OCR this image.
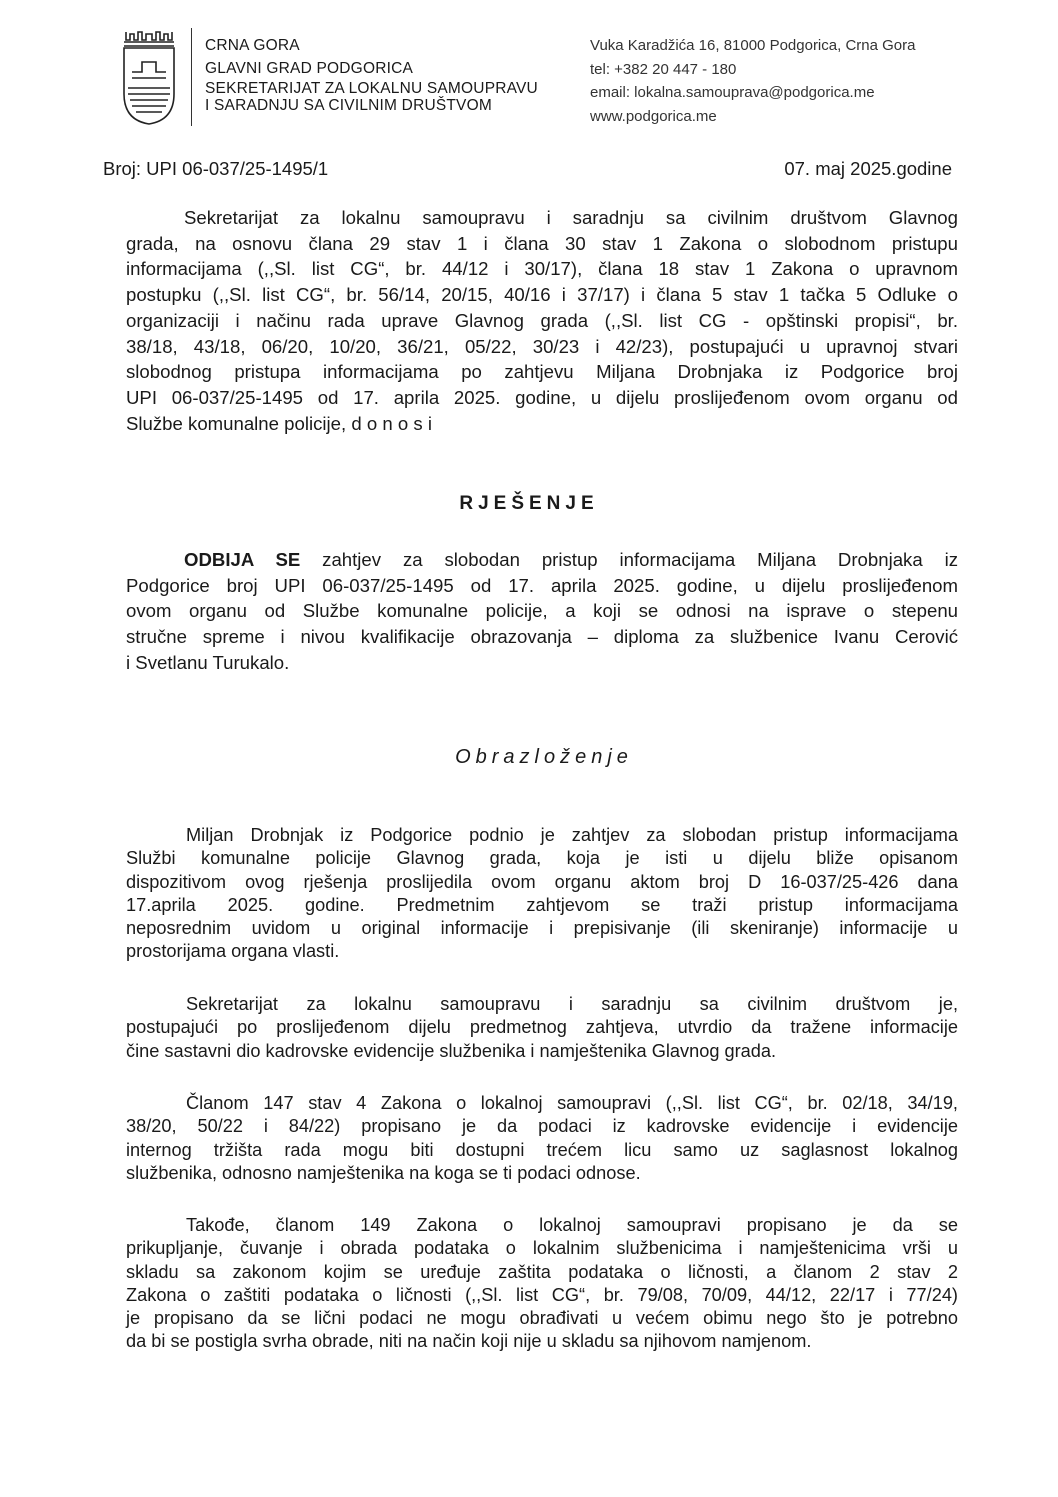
CRNA GORA
GLAVNI GRAD PODGORICA
SEKRETARIJAT ZA LOKALNU SAMOUPRAVU
I SARADNJU SA CIVILNIM DRUŠTVOM
Vuka Karadžića 16, 81000 Podgorica, Crna Gora
tel: +382 20 447 - 180
email: lokalna.samouprava@podgorica.me
www.podgorica.me
Broj: UPI 06-037/25-1495/1	07. maj 2025.godine
Sekretarijat za lokalnu samoupravu i saradnju sa civilnim društvom Glavnog
grada, na osnovu člana 29 stav 1 i člana 30 stav 1 Zakona o slobodnom pristupu
informacijama (,,Sl. list CG“, br. 44/12 i 30/17), člana 18 stav 1 Zakona o upravnom
postupku (,,Sl. list CG“, br. 56/14, 20/15, 40/16 i 37/17) i člana 5 stav 1 tačka 5 Odluke o
organizaciji i načinu rada uprave Glavnog grada (,,Sl. list CG - opštinski propisi“, br.
38/18, 43/18, 06/20, 10/20, 36/21, 05/22, 30/23 i 42/23), postupajući u upravnoj stvari
slobodnog pristupa informacijama po zahtjevu Miljana Drobnjaka iz Podgorice broj
UPI 06-037/25-1495 od 17. aprila 2025. godine, u dijelu proslijeđenom ovom organu od
Službe komunalne policije, d o n o s i
RJEŠENJE
ODBIJA SE zahtjev za slobodan pristup informacijama Miljana Drobnjaka iz
Podgorice broj UPI 06-037/25-1495 od 17. aprila 2025. godine, u dijelu proslijeđenom
ovom organu od Službe komunalne policije, a koji se odnosi na isprave o stepenu
stručne spreme i nivou kvalifikacije obrazovanja – diploma za službenice Ivanu Cerović
i Svetlanu Turukalo.
Obrazloženje
Miljan Drobnjak iz Podgorice podnio je zahtjev za slobodan pristup informacijama
Službi komunalne policije Glavnog grada, koja je isti u dijelu bliže opisanom
dispozitivom ovog rješenja proslijedila ovom organu aktom broj D 16-037/25-426 dana
17.aprila 2025. godine. Predmetnim zahtjevom se traži pristup informacijama
neposrednim uvidom u original informacije i prepisivanje (ili skeniranje) informacije u
prostorijama organa vlasti.
Sekretarijat za lokalnu samoupravu i saradnju sa civilnim društvom je,
postupajući po proslijeđenom dijelu predmetnog zahtjeva, utvrdio da tražene informacije
čine sastavni dio kadrovske evidencije službenika i namještenika Glavnog grada.
Članom 147 stav 4 Zakona o lokalnoj samoupravi (,,Sl. list CG“, br. 02/18, 34/19,
38/20, 50/22 i 84/22) propisano je da podaci iz kadrovske evidencije i evidencije
internog tržišta rada mogu biti dostupni trećem licu samo uz saglasnost lokalnog
službenika, odnosno namještenika na koga se ti podaci odnose.
Takođe, članom 149 Zakona o lokalnoj samoupravi propisano je da se
prikupljanje, čuvanje i obrada podataka o lokalnim službenicima i namještenicima vrši u
skladu sa zakonom kojim se uređuje zaštita podataka o ličnosti, a članom 2 stav 2
Zakona o zaštiti podataka o ličnosti (,,Sl. list CG“, br. 79/08, 70/09, 44/12, 22/17 i 77/24)
je propisano da se lični podaci ne mogu obrađivati u većem obimu nego što je potrebno
da bi se postigla svrha obrade, niti na način koji nije u skladu sa njihovom namjenom.
